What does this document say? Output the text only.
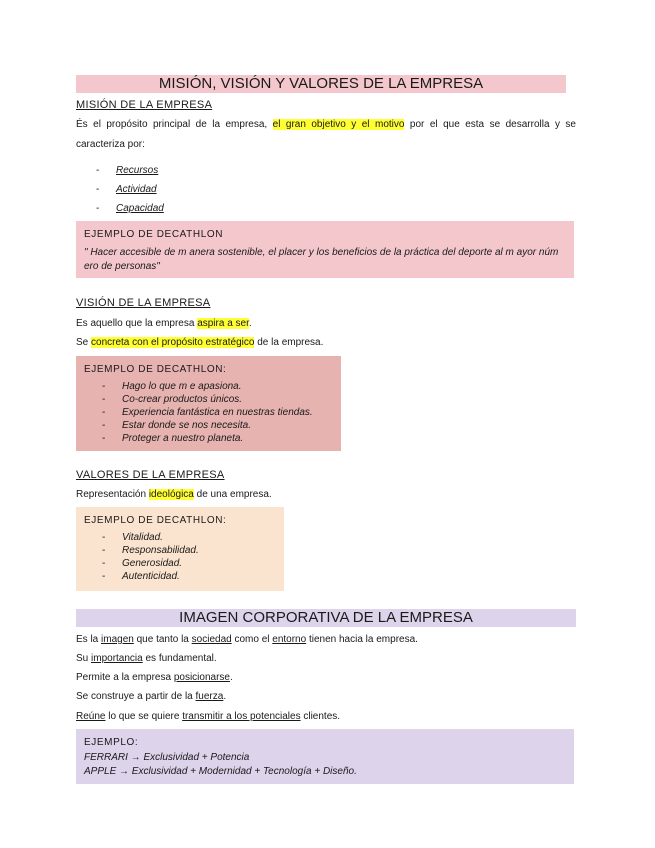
MISIÓN, VISIÓN Y VALORES DE LA EMPRESA
MISIÓN DE LA EMPRESA
És el propósito principal de la empresa, el gran objetivo y el motivo por el que esta se desarrolla y se
caracteriza por:
- Recursos
- Actividad
- Capacidad
EJEMPLO DE DECATHLON
" Hacer accesible de m anera sostenible, el placer y los beneficios de la práctica del deporte al m ayor núm ero de personas"
VISIÓN DE LA EMPRESA
Es aquello que la empresa aspira a ser.
Se concreta con el propósito estratégico de la empresa.
EJEMPLO DE DECATHLON:
- Hago lo que m e apasiona.
- Co-crear productos únicos.
- Experiencia fantástica en nuestras tiendas.
- Estar donde se nos necesita.
- Proteger a nuestro planeta.
VALORES DE LA EMPRESA
Representación ideológica de una empresa.
EJEMPLO DE DECATHLON:
- Vitalidad.
- Responsabilidad.
- Generosidad.
- Autenticidad.
IMAGEN CORPORATIVA DE LA EMPRESA
Es la imagen que tanto la sociedad como el entorno tienen hacia la empresa.
Su importancia es fundamental.
Permite a la empresa posicionarse.
Se construye a partir de la fuerza.
Reúne lo que se quiere transmitir a los potenciales clientes.
EJEMPLO:
FERRARI → Exclusividad + Potencia
APPLE → Exclusividad + Modernidad + Tecnología + Diseño.
